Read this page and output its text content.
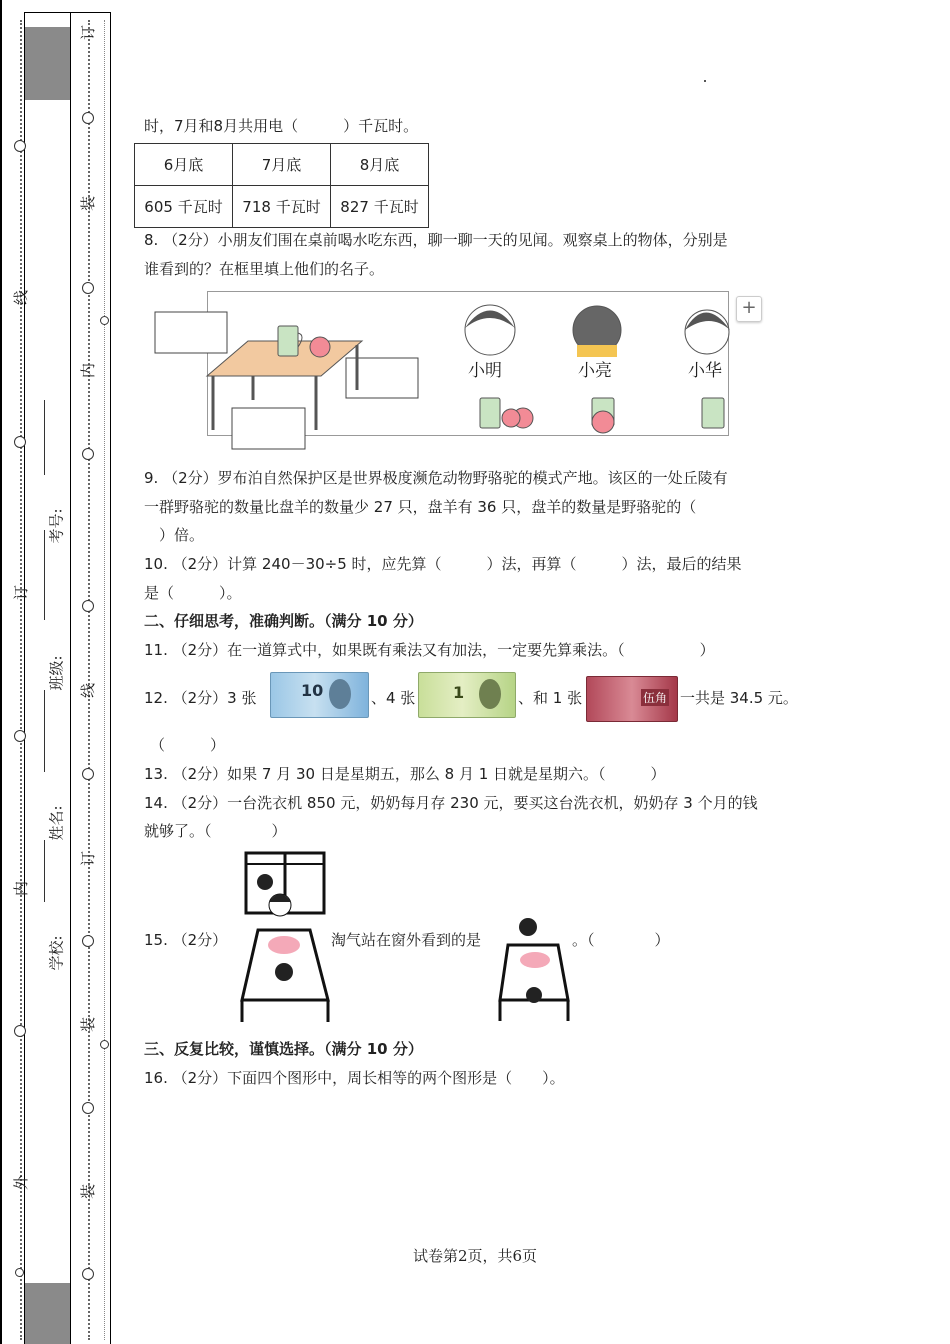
订
装
线
内
订
线
内
订
装
装
外
考号:
班级:
姓名:
学校:
时，7月和8月共用电（　　　）千瓦时。
6月底	7月底	8月底
605 千瓦时	718 千瓦时	827 千瓦时
8. （2分）小朋友们围在桌前喝水吃东西，聊一聊一天的见闻。观察桌上的物体，分别是
谁看到的？在框里填上他们的名子。
+
小明	小亮	小华
9. （2分）罗布泊自然保护区是世界极度濒危动物野骆驼的模式产地。该区的一处丘陵有
一群野骆驼的数量比盘羊的数量少 27 只，盘羊有 36 只，盘羊的数量是野骆驼的（
　）倍。
10. （2分）计算 240－30÷5 时，应先算（　　　）法，再算（　　　）法，最后的结果
是（　　　）。
二、仔细思考，准确判断。（满分 10 分）
11. （2分）在一道算式中，如果既有乘法又有加法，一定要先算乘法。（　　　　　）
12. （2分）3 张	10	、4 张 1	、和 1 张	伍角 一共是 34.5 元。
（　　　）
13. （2分）如果 7 月 30 日是星期五，那么 8 月 1 日就是星期六。（　　　）
14. （2分）一台洗衣机 850 元，奶奶每月存 230 元，要买这台洗衣机，奶奶存 3 个月的钱
就够了。（　　　　）
15. （2分）	淘气站在窗外看到的是	。（　　　　）
三、反复比较，谨慎选择。（满分 10 分）
16. （2分）下面四个图形中，周长相等的两个图形是（　　）。
试卷第2页，共6页
